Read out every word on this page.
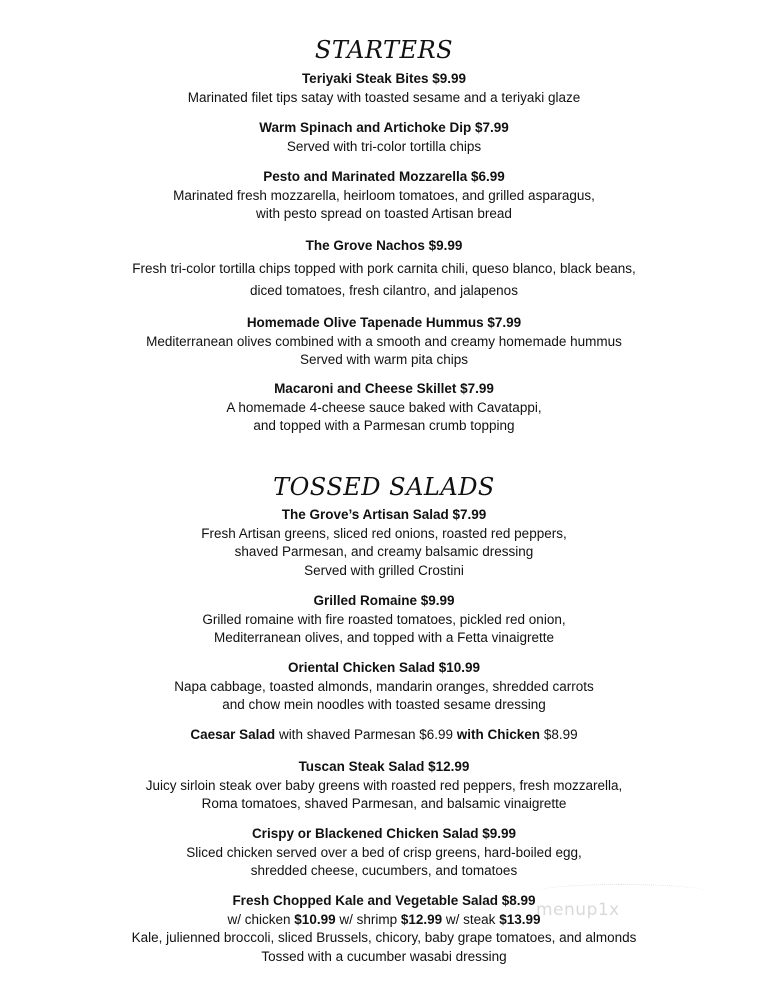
STARTERS
Teriyaki Steak Bites $9.99
Marinated filet tips satay with toasted sesame and a teriyaki glaze
Warm Spinach and Artichoke Dip $7.99
Served with tri-color tortilla chips
Pesto and Marinated Mozzarella $6.99
Marinated fresh mozzarella, heirloom tomatoes, and grilled asparagus,
with pesto spread on toasted Artisan bread
The Grove Nachos $9.99
Fresh tri-color tortilla chips topped with pork carnita chili, queso blanco, black beans,
diced tomatoes, fresh cilantro, and jalapenos
Homemade Olive Tapenade Hummus $7.99
Mediterranean olives combined with a smooth and creamy homemade hummus
Served with warm pita chips
Macaroni and Cheese Skillet $7.99
A homemade 4-cheese sauce baked with Cavatappi,
and topped with a Parmesan crumb topping
TOSSED SALADS
The Grove’s Artisan Salad $7.99
Fresh Artisan greens, sliced red onions, roasted red peppers,
shaved Parmesan, and creamy balsamic dressing
Served with grilled Crostini
Grilled Romaine $9.99
Grilled romaine with fire roasted tomatoes, pickled red onion,
Mediterranean olives, and topped with a Fetta vinaigrette
Oriental Chicken Salad $10.99
Napa cabbage, toasted almonds, mandarin oranges, shredded carrots
and chow mein noodles with toasted sesame dressing
Caesar Salad with shaved Parmesan $6.99 with Chicken $8.99
Tuscan Steak Salad $12.99
Juicy sirloin steak over baby greens with roasted red peppers, fresh mozzarella,
Roma tomatoes, shaved Parmesan, and balsamic vinaigrette
Crispy or Blackened Chicken Salad $9.99
Sliced chicken served over a bed of crisp greens, hard-boiled egg,
shredded cheese, cucumbers, and tomatoes
Fresh Chopped Kale and Vegetable Salad $8.99
w/ chicken $10.99 w/ shrimp $12.99 w/ steak $13.99
Kale, julienned broccoli, sliced Brussels, chicory, baby grape tomatoes, and almonds
Tossed with a cucumber wasabi dressing
menup1x
